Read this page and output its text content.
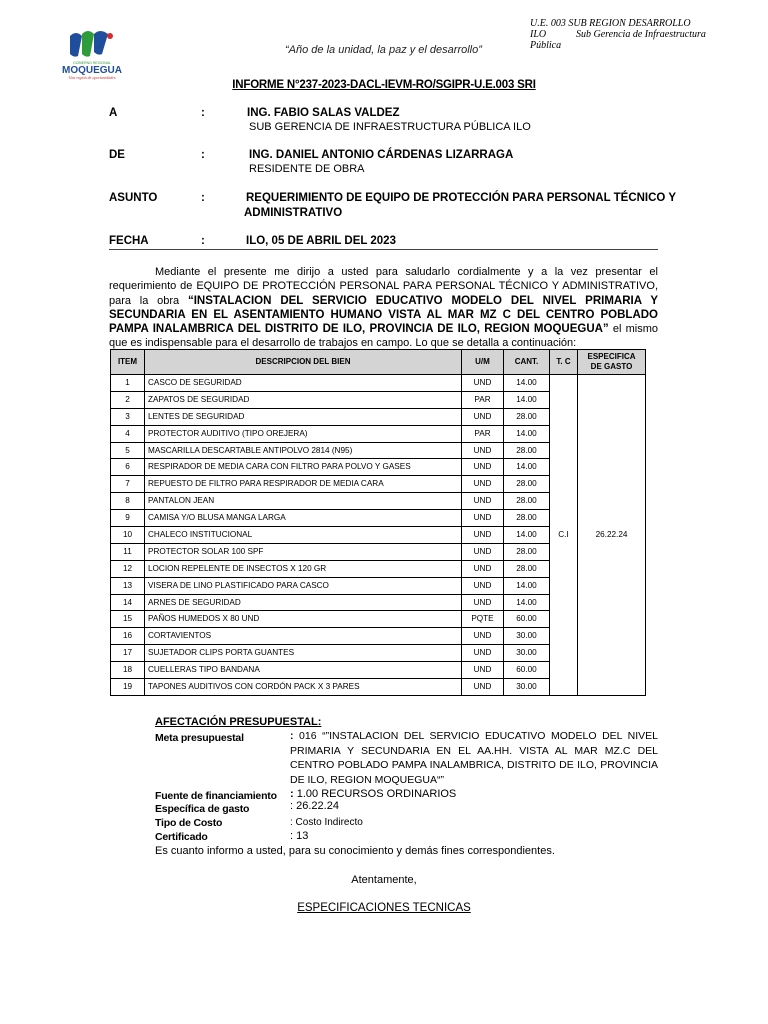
GOBIERNO REGIONAL
MOQUEGUA
Una región de oportunidades
“Año de la unidad, la paz y el desarrollo”
U.E. 003 SUB REGION DESARROLLO
ILO	Sub Gerencia de Infraestructura
Pública
INFORME N°237-2023-DACL-IEVM-RO/SGIPR-U.E.003 SRI
A	:	ING. FABIO SALAS VALDEZ
SUB GERENCIA DE INFRAESTRUCTURA PÚBLICA ILO
DE	:	ING. DANIEL ANTONIO CÁRDENAS LIZARRAGA
RESIDENTE DE OBRA
ASUNTO	:	REQUERIMIENTO DE EQUIPO DE PROTECCIÓN PARA PERSONAL TÉCNICO Y
ADMINISTRATIVO
FECHA	:	ILO, 05 DE ABRIL DEL 2023
Mediante el presente me dirijo a usted para saludarlo cordialmente y a la vez presentar el requerimiento de EQUIPO DE PROTECCIÓN PERSONAL PARA PERSONAL TÉCNICO Y ADMINISTRATIVO, para la obra “INSTALACION DEL SERVICIO EDUCATIVO MODELO DEL NIVEL PRIMARIA Y SECUNDARIA EN EL ASENTAMIENTO HUMANO VISTA AL MAR MZ C DEL CENTRO POBLADO PAMPA INALAMBRICA DEL DISTRITO DE ILO, PROVINCIA DE ILO, REGION MOQUEGUA” el mismo que es indispensable para el desarrollo de trabajos en campo. Lo que se detalla a continuación:
ITEM	DESCRIPCION DEL BIEN	U/M	CANT.	T. C	ESPECIFICA DE GASTO
1	CASCO DE SEGURIDAD	UND	14.00	C.I	26.22.24
2	ZAPATOS DE SEGURIDAD	PAR	14.00		
3	LENTES DE SEGURIDAD	UND	28.00		
4	PROTECTOR AUDITIVO (TIPO OREJERA)	PAR	14.00		
5	MASCARILLA DESCARTABLE ANTIPOLVO 2814 (N95)	UND	28.00		
6	RESPIRADOR DE MEDIA CARA CON FILTRO PARA POLVO Y GASES	UND	14.00		
7	REPUESTO DE FILTRO PARA RESPIRADOR DE MEDIA CARA	UND	28.00		
8	PANTALON JEAN	UND	28.00		
9	CAMISA Y/O BLUSA MANGA LARGA	UND	28.00		
10	CHALECO INSTITUCIONAL	UND	14.00		
11	PROTECTOR SOLAR 100 SPF	UND	28.00		
12	LOCION REPELENTE DE INSECTOS X 120 GR	UND	28.00		
13	VISERA DE LINO PLASTIFICADO PARA CASCO	UND	14.00		
14	ARNES DE SEGURIDAD	UND	14.00		
15	PAÑOS HUMEDOS X 80 UND	PQTE	60.00		
16	CORTAVIENTOS	UND	30.00		
17	SUJETADOR CLIPS PORTA GUANTES	UND	30.00		
18	CUELLERAS TIPO BANDANA	UND	60.00		
19	TAPONES AUDITIVOS CON CORDÓN PACK X 3 PARES	UND	30.00		
AFECTACIÓN PRESUPUESTAL:
Meta presupuestal	: 016 “”INSTALACION DEL SERVICIO EDUCATIVO MODELO DEL NIVEL PRIMARIA Y SECUNDARIA EN EL AA.HH. VISTA AL MAR MZ.C DEL CENTRO POBLADO PAMPA INALAMBRICA, DISTRITO DE ILO, PROVINCIA DE ILO, REGION MOQUEGUA“”
Fuente de financiamiento : 1.00 RECURSOS ORDINARIOS
Específica de gasto	: 26.22.24
Tipo de Costo	: Costo Indirecto
Certificado	: 13
Es cuanto informo a usted, para su conocimiento y demás fines correspondientes.
Atentamente,
ESPECIFICACIONES TECNICAS
